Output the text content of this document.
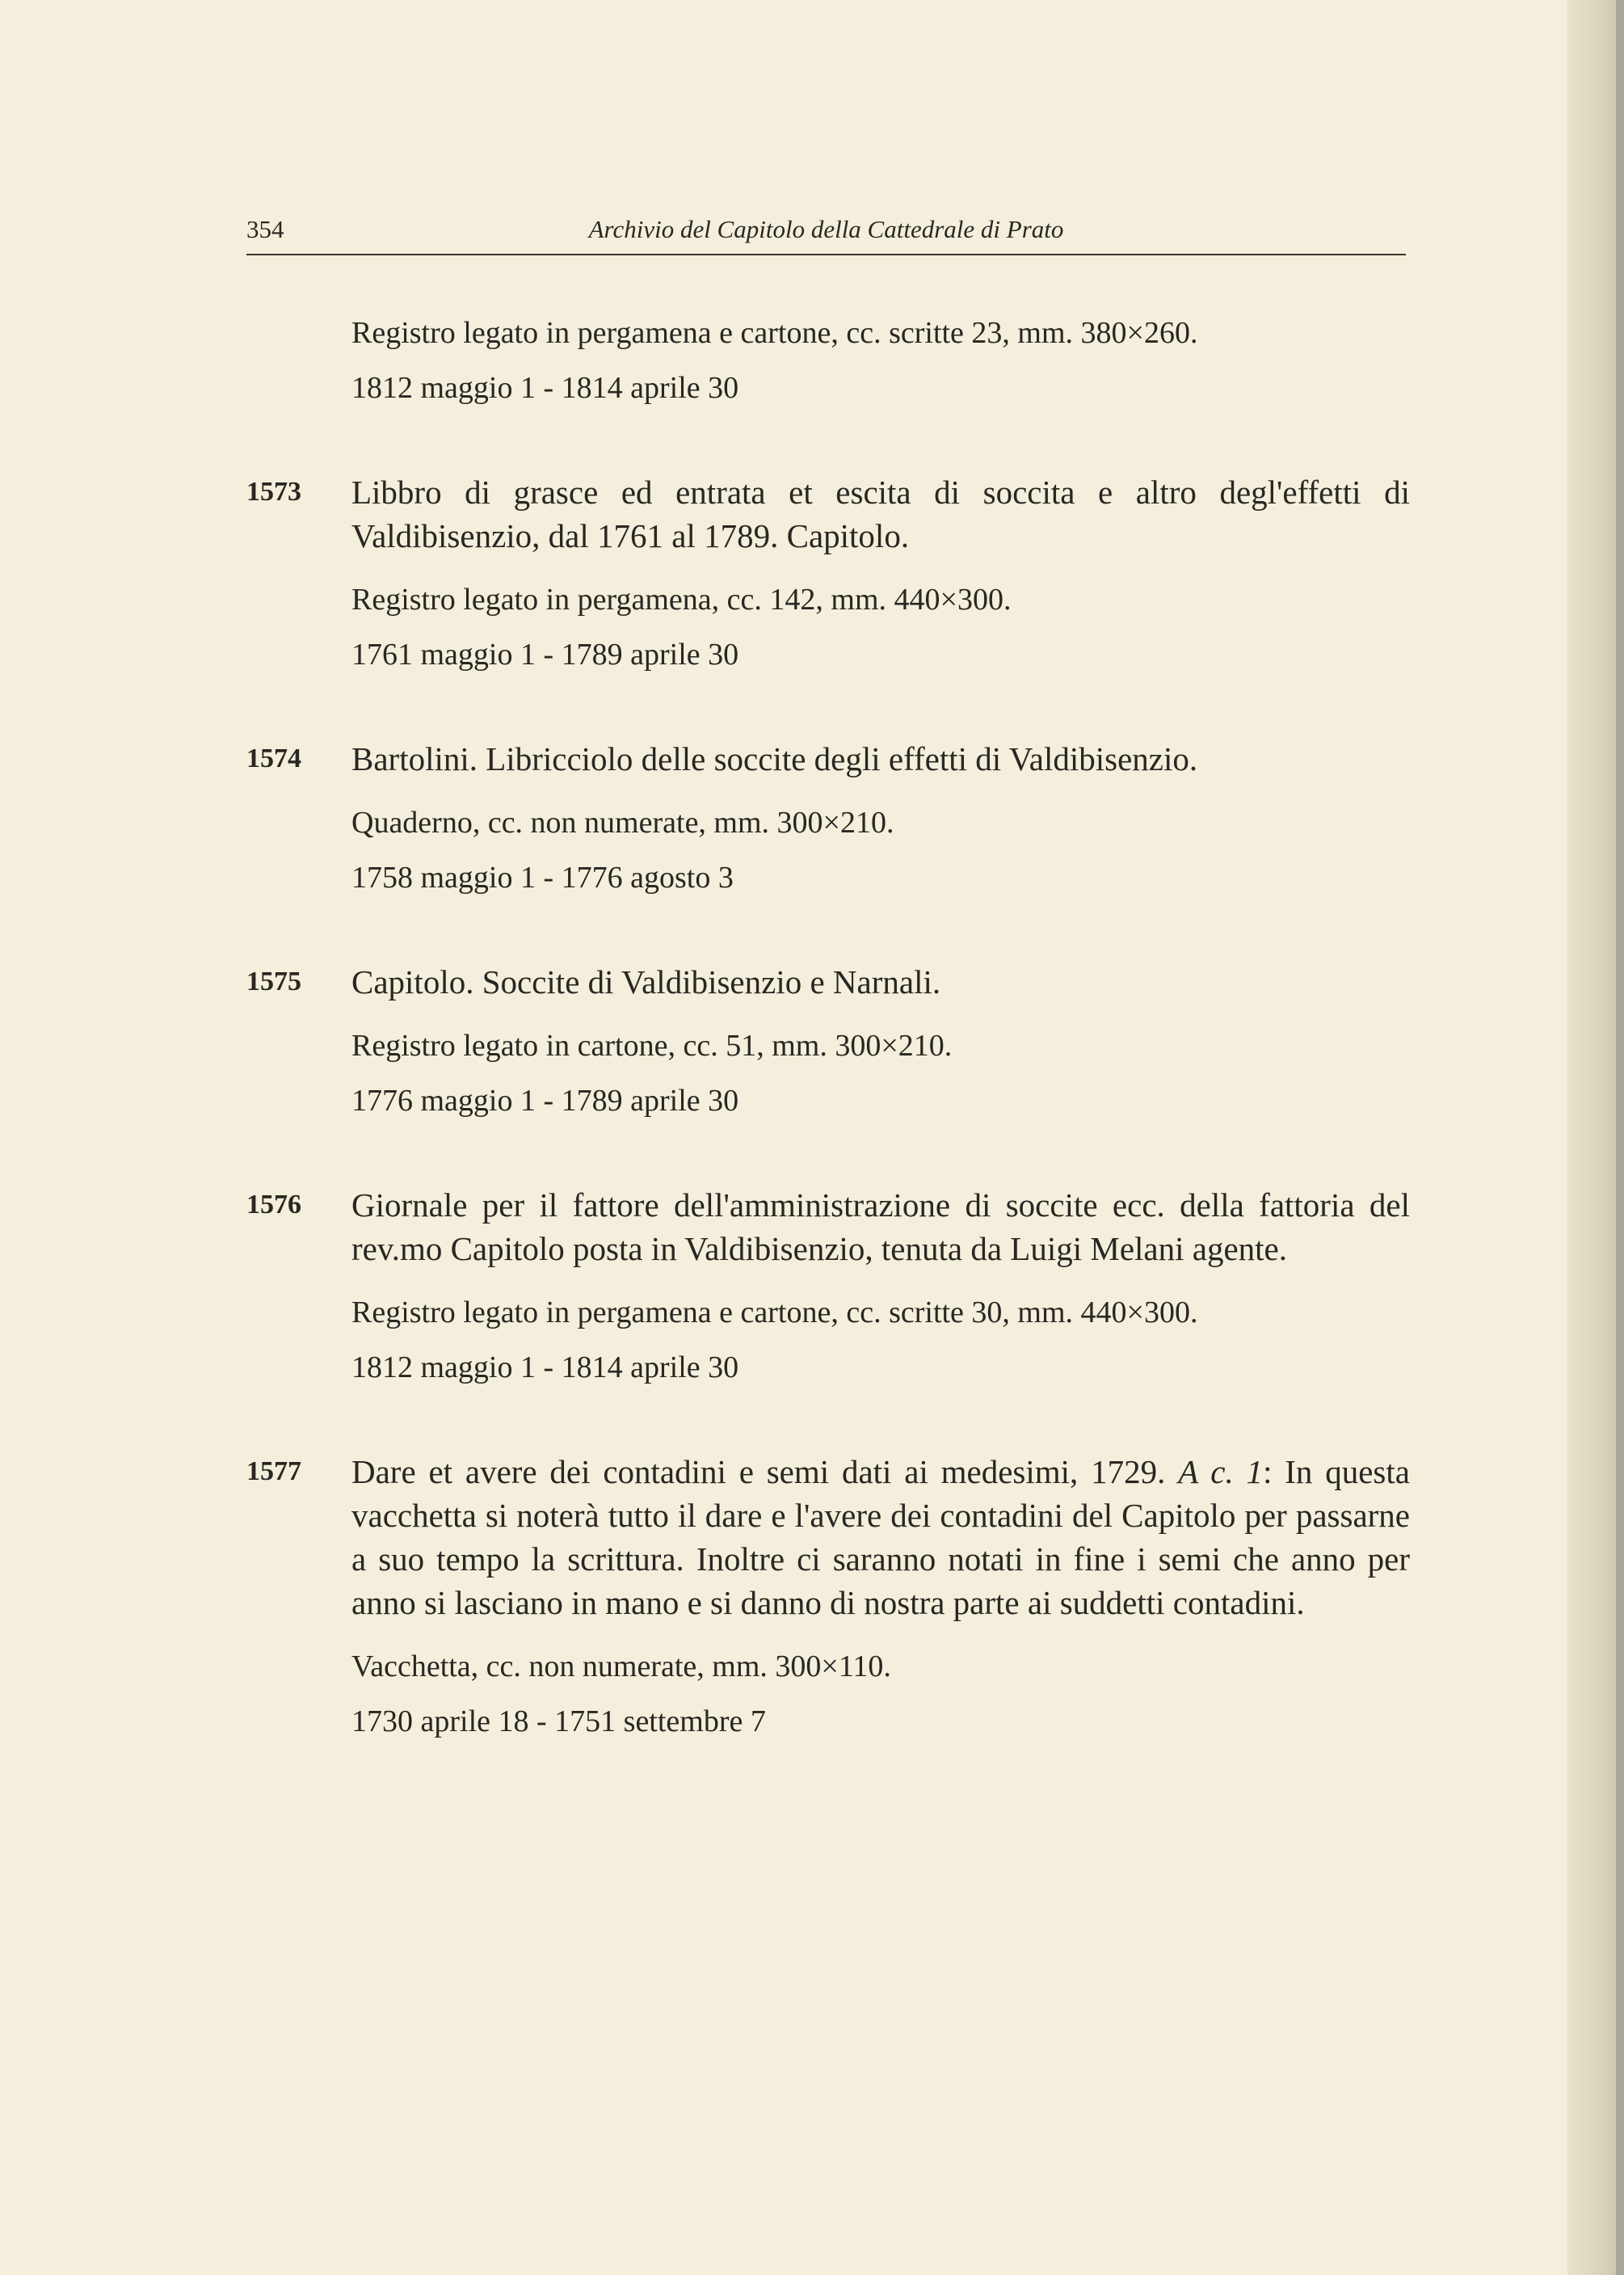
354	Archivio del Capitolo della Cattedrale di Prato
Registro legato in pergamena e cartone, cc. scritte 23, mm. 380×260.
1812 maggio 1 - 1814 aprile 30
1573 Libbro di grasce ed entrata et escita di soccita e altro degl'effetti di Valdibisenzio, dal 1761 al 1789. Capitolo.
Registro legato in pergamena, cc. 142, mm. 440×300.
1761 maggio 1 - 1789 aprile 30
1574 Bartolini. Libricciolo delle soccite degli effetti di Valdibisenzio.
Quaderno, cc. non numerate, mm. 300×210.
1758 maggio 1 - 1776 agosto 3
1575 Capitolo. Soccite di Valdibisenzio e Narnali.
Registro legato in cartone, cc. 51, mm. 300×210.
1776 maggio 1 - 1789 aprile 30
1576 Giornale per il fattore dell'amministrazione di soccite ecc. della fattoria del rev.mo Capitolo posta in Valdibisenzio, tenuta da Luigi Melani agente.
Registro legato in pergamena e cartone, cc. scritte 30, mm. 440×300.
1812 maggio 1 - 1814 aprile 30
1577 Dare et avere dei contadini e semi dati ai medesimi, 1729. A c. 1: In questa vacchetta si noterà tutto il dare e l'avere dei contadini del Capitolo per passarne a suo tempo la scrittura. Inoltre ci saranno notati in fine i semi che anno per anno si lasciano in mano e si danno di nostra parte ai suddetti contadini.
Vacchetta, cc. non numerate, mm. 300×110.
1730 aprile 18 - 1751 settembre 7
